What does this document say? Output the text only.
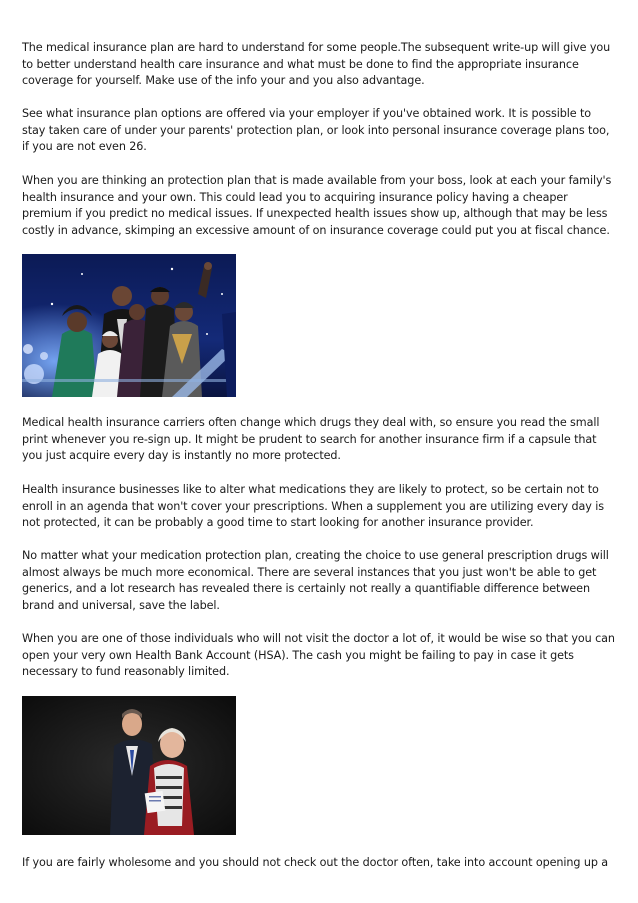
The medical insurance plan are hard to understand for some people.The subsequent write-up will give you to better understand health care insurance and what must be done to find the appropriate insurance coverage for yourself. Make use of the info your and you also advantage.

See what insurance plan options are offered via your employer if you've obtained work. It is possible to stay taken care of under your parents' protection plan, or look into personal insurance coverage plans too, if you are not even 26.

When you are thinking an protection plan that is made available from your boss, look at each your family's health insurance and your own. This could lead you to acquiring insurance policy having a cheaper premium if you predict no medical issues. If unexpected health issues show up, although that may be less costly in advance, skimping an excessive amount of on insurance coverage could put you at fiscal chance.

Medical health insurance carriers often change which drugs they deal with, so ensure you read the small print whenever you re-sign up. It might be prudent to search for another insurance firm if a capsule that you just acquire every day is instantly no more protected.

Health insurance businesses like to alter what medications they are likely to protect, so be certain not to enroll in an agenda that won't cover your prescriptions. When a supplement you are utilizing every day is not protected, it can be probably a good time to start looking for another insurance provider.

No matter what your medication protection plan, creating the choice to use general prescription drugs will almost always be much more economical. There are several instances that you just won't be able to get generics, and a lot research has revealed there is certainly not really a quantifiable difference between brand and universal, save the label.

When you are one of those individuals who will not visit the doctor a lot of, it would be wise so that you can open your very own Health Bank Account (HSA). The cash you might be failing to pay in case it gets necessary to fund reasonably limited.

If you are fairly wholesome and you should not check out the doctor often, take into account opening up a
